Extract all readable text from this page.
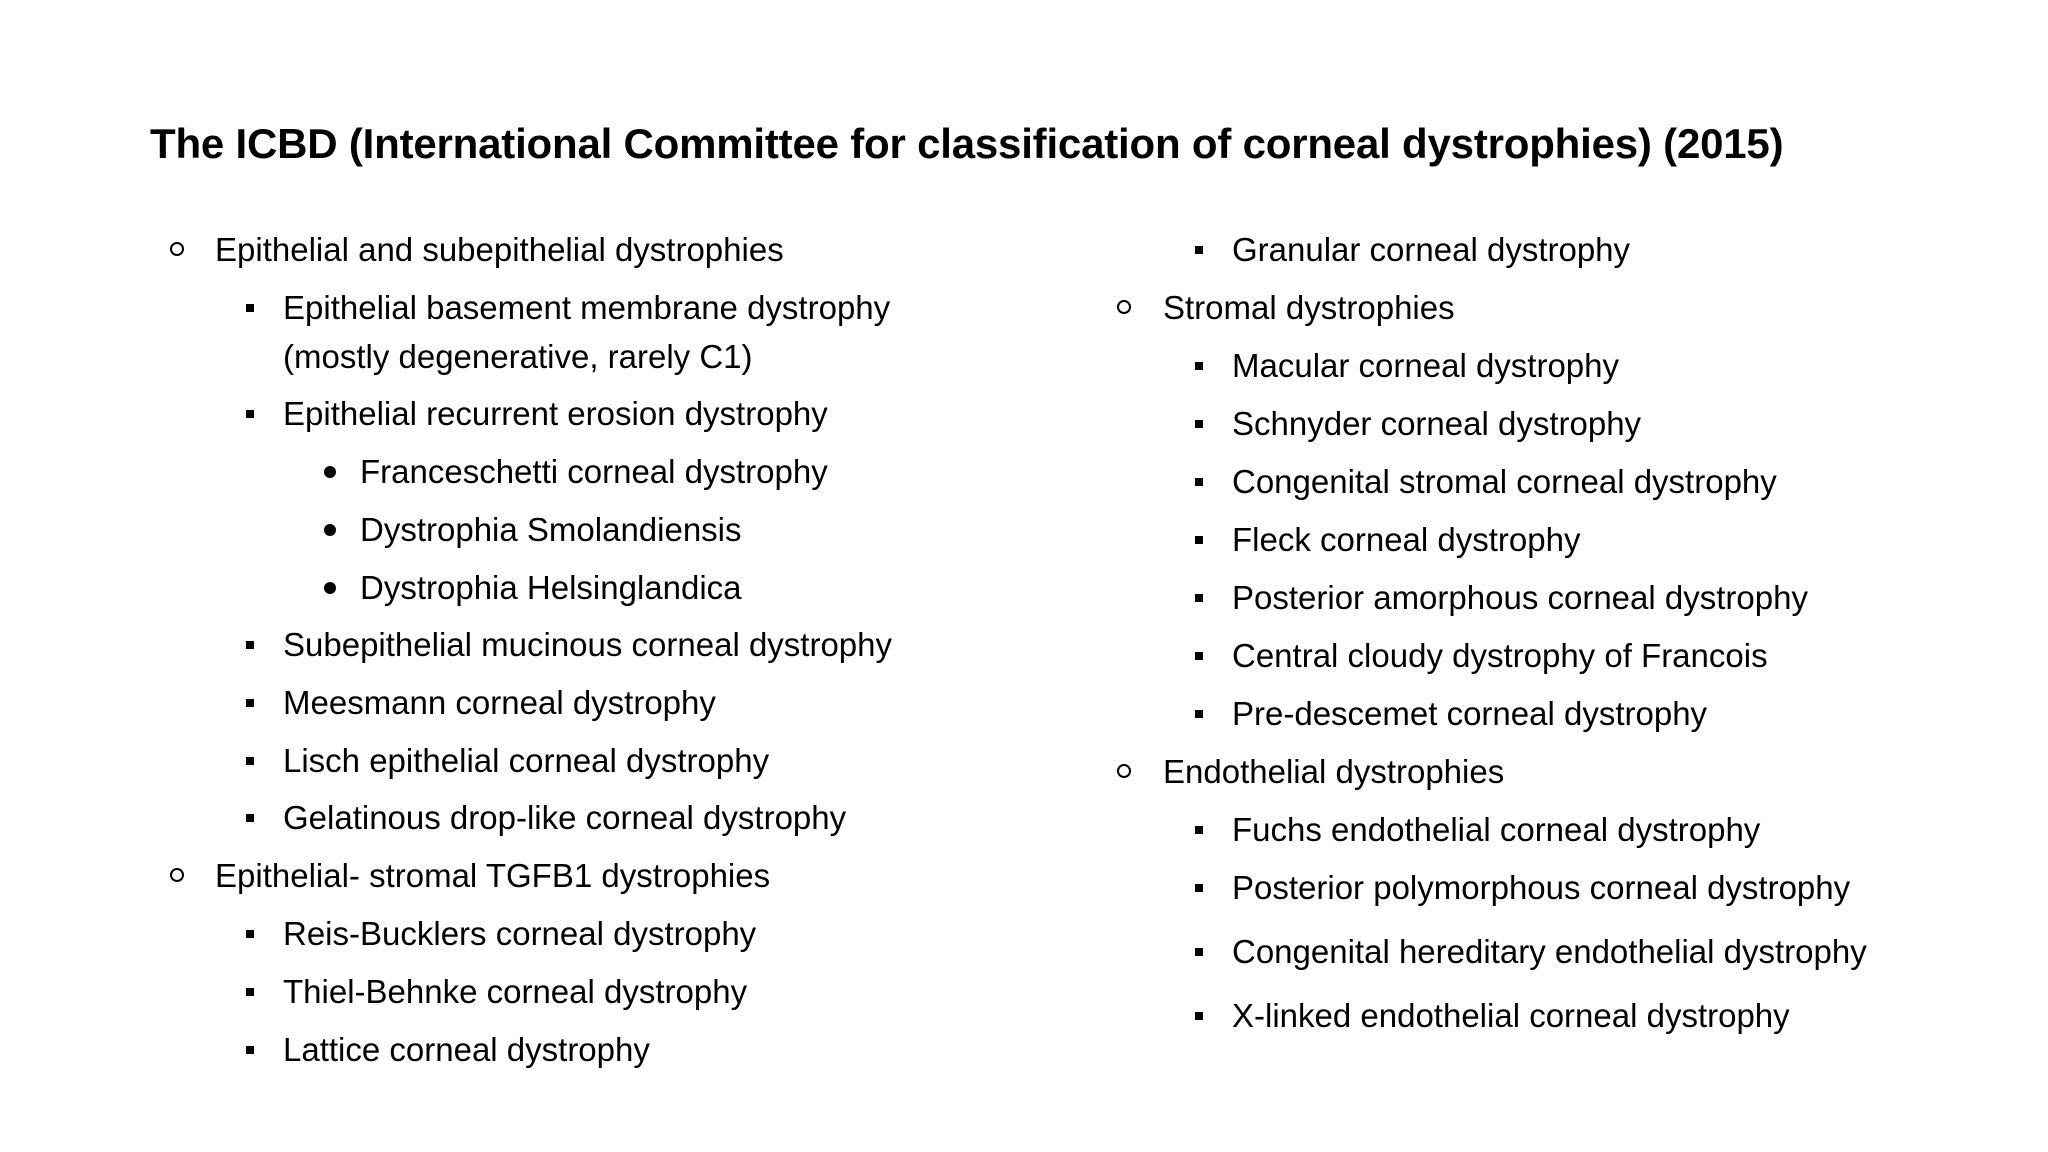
The ICBD (International Committee for classification of corneal dystrophies) (2015)
Epithelial and subepithelial dystrophies
Epithelial basement membrane dystrophy
(mostly degenerative, rarely C1)
Epithelial recurrent erosion dystrophy
Franceschetti corneal dystrophy
Dystrophia Smolandiensis
Dystrophia Helsinglandica
Subepithelial mucinous corneal dystrophy
Meesmann corneal dystrophy
Lisch epithelial corneal dystrophy
Gelatinous drop-like corneal dystrophy
Epithelial- stromal TGFB1 dystrophies
Reis-Bucklers corneal dystrophy
Thiel-Behnke corneal dystrophy
Lattice corneal dystrophy
Granular corneal dystrophy
Stromal dystrophies
Macular corneal dystrophy
Schnyder corneal dystrophy
Congenital stromal corneal dystrophy
Fleck corneal dystrophy
Posterior amorphous corneal dystrophy
Central cloudy dystrophy of Francois
Pre-descemet corneal dystrophy
Endothelial dystrophies
Fuchs endothelial corneal dystrophy
Posterior polymorphous corneal dystrophy
Congenital hereditary endothelial dystrophy
X-linked endothelial corneal dystrophy
